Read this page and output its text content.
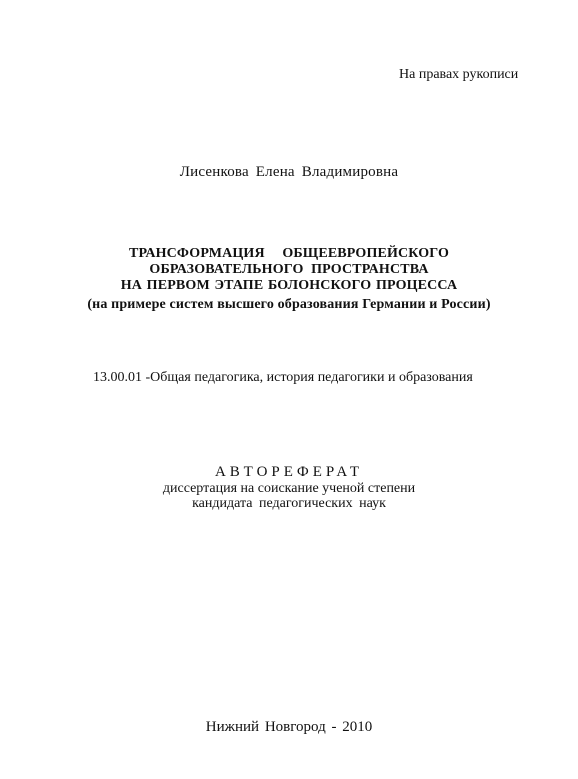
На правах рукописи
Лисенкова Елена Владимировна
ТРАНСФОРМАЦИЯ ОБЩЕЕВРОПЕЙСКОГО
ОБРАЗОВАТЕЛЬНОГО ПРОСТРАНСТВА
НА ПЕРВОМ ЭТАПЕ БОЛОНСКОГО ПРОЦЕССА
(на примере систем высшего образования Германии и России)
13.00.01 -Общая педагогика, история педагогики и образования
АВТОРЕФЕРАТ
диссертация на соискание ученой степени
кандидата педагогических наук
Нижний Новгород - 2010
